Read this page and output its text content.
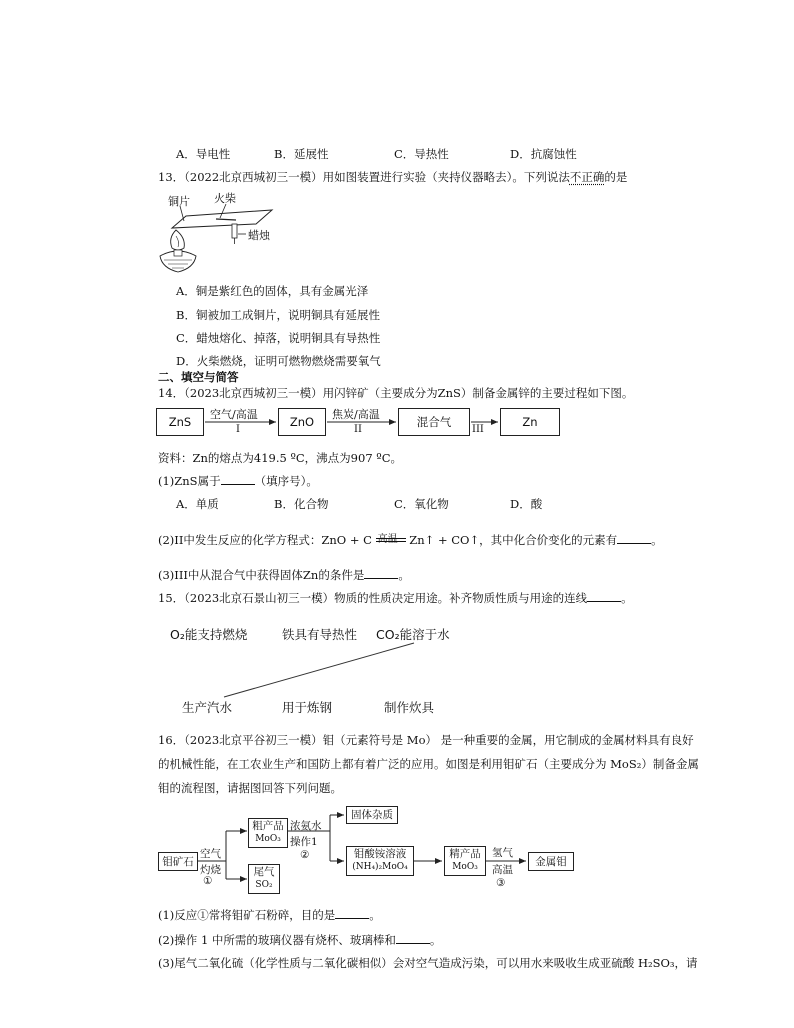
A．导电性	B．延展性	C．导热性	D．抗腐蚀性
13．（2022北京西城初三一模）用如图装置进行实验（夹持仪器略去）。下列说法不正确的是
铜片 火柴
蜡烛
A．铜是紫红色的固体，具有金属光泽
B．铜被加工成铜片，说明铜具有延展性
C．蜡烛熔化、掉落，说明铜具有导热性
D．火柴燃烧，证明可燃物燃烧需要氧气
二、填空与简答
14．（2023北京西城初三一模）用闪锌矿（主要成分为ZnS）制备金属锌的主要过程如下图。
ZnS	ZnO	混合气	Zn
空气/高温
I
焦炭/高温
II	III
资料：Zn的熔点为419.5 ºC，沸点为907 ºC。
(1)ZnS属于	（填序号）。
A．单质	B．化合物	C．氧化物	D．酸
(2)II中发生反应的化学方程式：ZnO + C 高温 Zn↑ + CO↑，其中化合价变化的元素有	。
(3)III中从混合气中获得固体Zn的条件是	。
15．（2023北京石景山初三一模）物质的性质决定用途。补齐物质性质与用途的连线	。
O₂能支持燃烧	铁具有导热性 CO₂能溶于水
生产汽水	用于炼钢	制作炊具
16．（2023北京平谷初三一模）钼（元素符号是 Mo） 是一种重要的金属，用它制成的金属材料具有良好
的机械性能，在工农业生产和国防上都有着广泛的应用。如图是利用钼矿石（主要成分为 MoS₂）制备金属
钼的流程图，请据图回答下列问题。
钼矿石
空气
灼烧
①
粗产品
MoO₃
尾气
SO₂
浓氨水
操作1
②
固体杂质
钼酸铵溶液
(NH₄)₂MoO₄
精产品
MoO₃
氢气
高温
③
金属钼
(1)反应①常将钼矿石粉碎，目的是	。
(2)操作 1 中所需的玻璃仪器有烧杯、玻璃棒和	。
(3)尾气二氧化硫（化学性质与二氧化碳相似）会对空气造成污染，可以用水来吸收生成亚硫酸 H₂SO₃，请
